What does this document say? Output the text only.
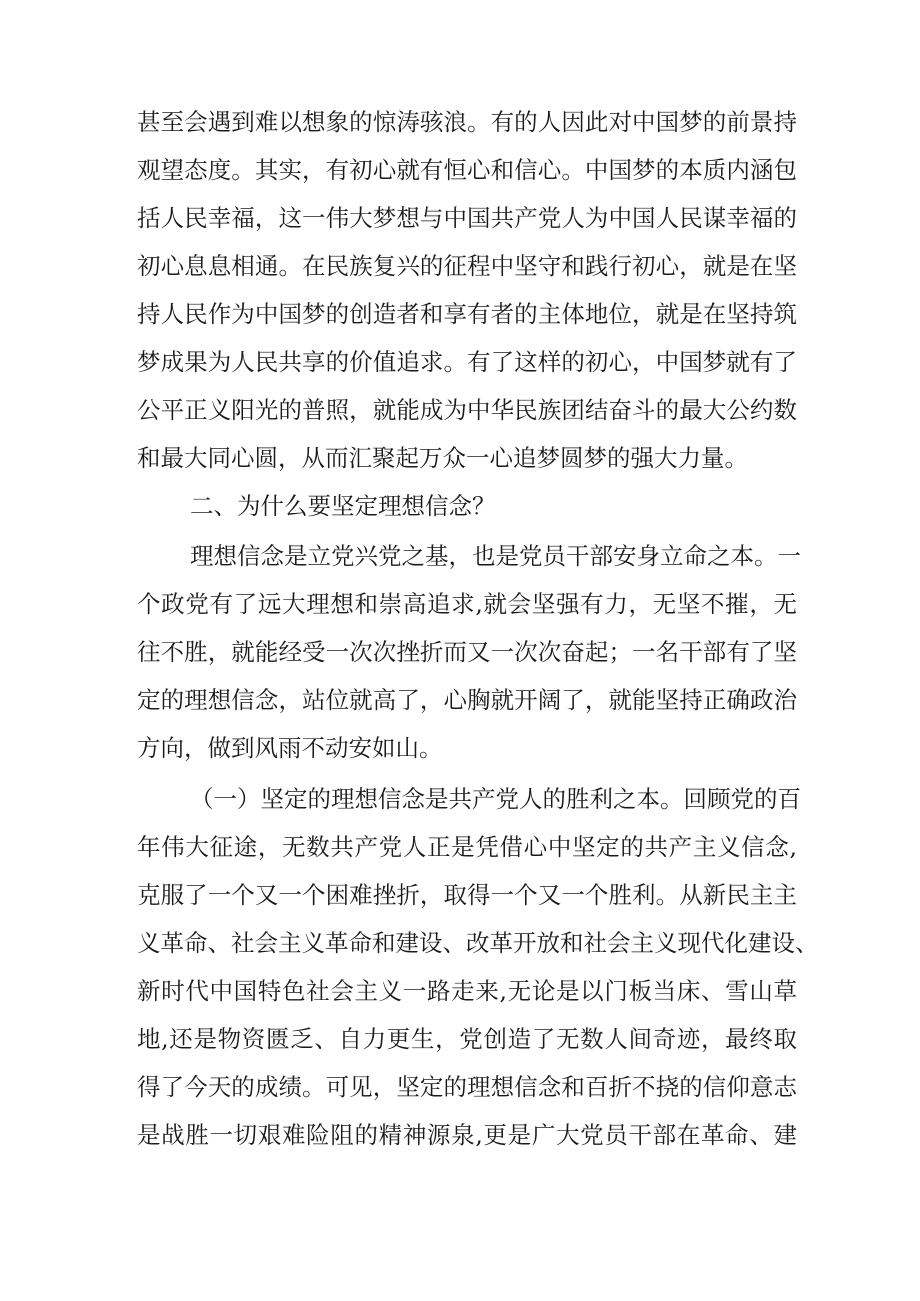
甚至会遇到难以想象的惊涛骇浪。有的人因此对中国梦的前景持
观望态度。其实，有初心就有恒心和信心。中国梦的本质内涵包
括人民幸福，这一伟大梦想与中国共产党人为中国人民谋幸福的
初心息息相通。在民族复兴的征程中坚守和践行初心，就是在坚
持人民作为中国梦的创造者和享有者的主体地位，就是在坚持筑
梦成果为人民共享的价值追求。有了这样的初心，中国梦就有了
公平正义阳光的普照，就能成为中华民族团结奋斗的最大公约数
和最大同心圆，从而汇聚起万众一心追梦圆梦的强大力量。
二、为什么要坚定理想信念？
理想信念是立党兴党之基，也是党员干部安身立命之本。一
个政党有了远大理想和崇高追求,就会坚强有力，无坚不摧，无
往不胜，就能经受一次次挫折而又一次次奋起；一名干部有了坚
定的理想信念，站位就高了，心胸就开阔了，就能坚持正确政治
方向，做到风雨不动安如山。
（一）坚定的理想信念是共产党人的胜利之本。回顾党的百
年伟大征途，无数共产党人正是凭借心中坚定的共产主义信念,
克服了一个又一个困难挫折，取得一个又一个胜利。从新民主主
义革命、社会主义革命和建设、改革开放和社会主义现代化建设、
新时代中国特色社会主义一路走来,无论是以门板当床、雪山草
地,还是物资匮乏、自力更生，党创造了无数人间奇迹，最终取
得了今天的成绩。可见，坚定的理想信念和百折不挠的信仰意志
是战胜一切艰难险阻的精神源泉,更是广大党员干部在革命、建
